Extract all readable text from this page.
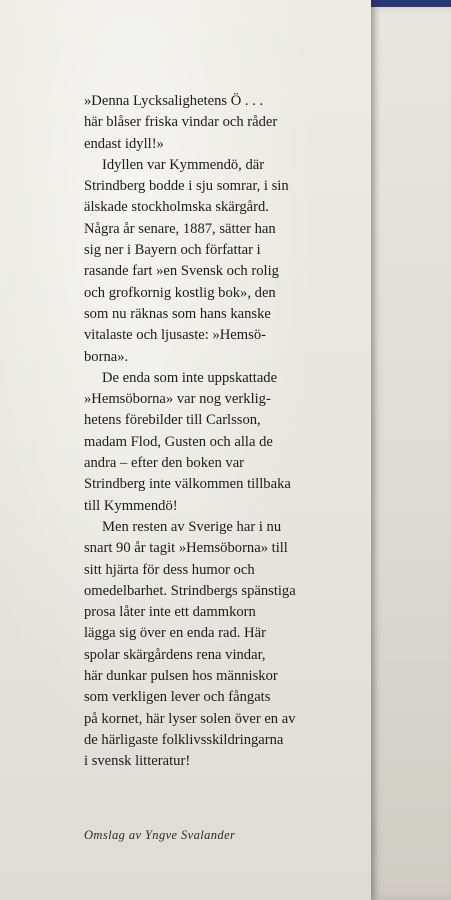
»Denna Lycksalighetens Ö . . .
här blåser friska vindar och råder
endast idyll!»
Idyllen var Kymmendö, där
Strindberg bodde i sju somrar, i sin
älskade stockholmska skärgård.
Några år senare, 1887, sätter han
sig ner i Bayern och författar i
rasande fart »en Svensk och rolig
och grofkornig kostlig bok», den
som nu räknas som hans kanske
vitalaste och ljusaste: »Hemsö-
borna».
De enda som inte uppskattade
»Hemsöborna» var nog verklig-
hetens förebilder till Carlsson,
madam Flod, Gusten och alla de
andra – efter den boken var
Strindberg inte välkommen tillbaka
till Kymmendö!
Men resten av Sverige har i nu
snart 90 år tagit »Hemsöborna» till
sitt hjärta för dess humor och
omedelbarhet. Strindbergs spänstiga
prosa låter inte ett dammkorn
lägga sig över en enda rad. Här
spolar skärgårdens rena vindar,
här dunkar pulsen hos människor
som verkligen lever och fångats
på kornet, här lyser solen över en av
de härligaste folklivsskildringarna
i svensk litteratur!
Omslag av Yngve Svalander
